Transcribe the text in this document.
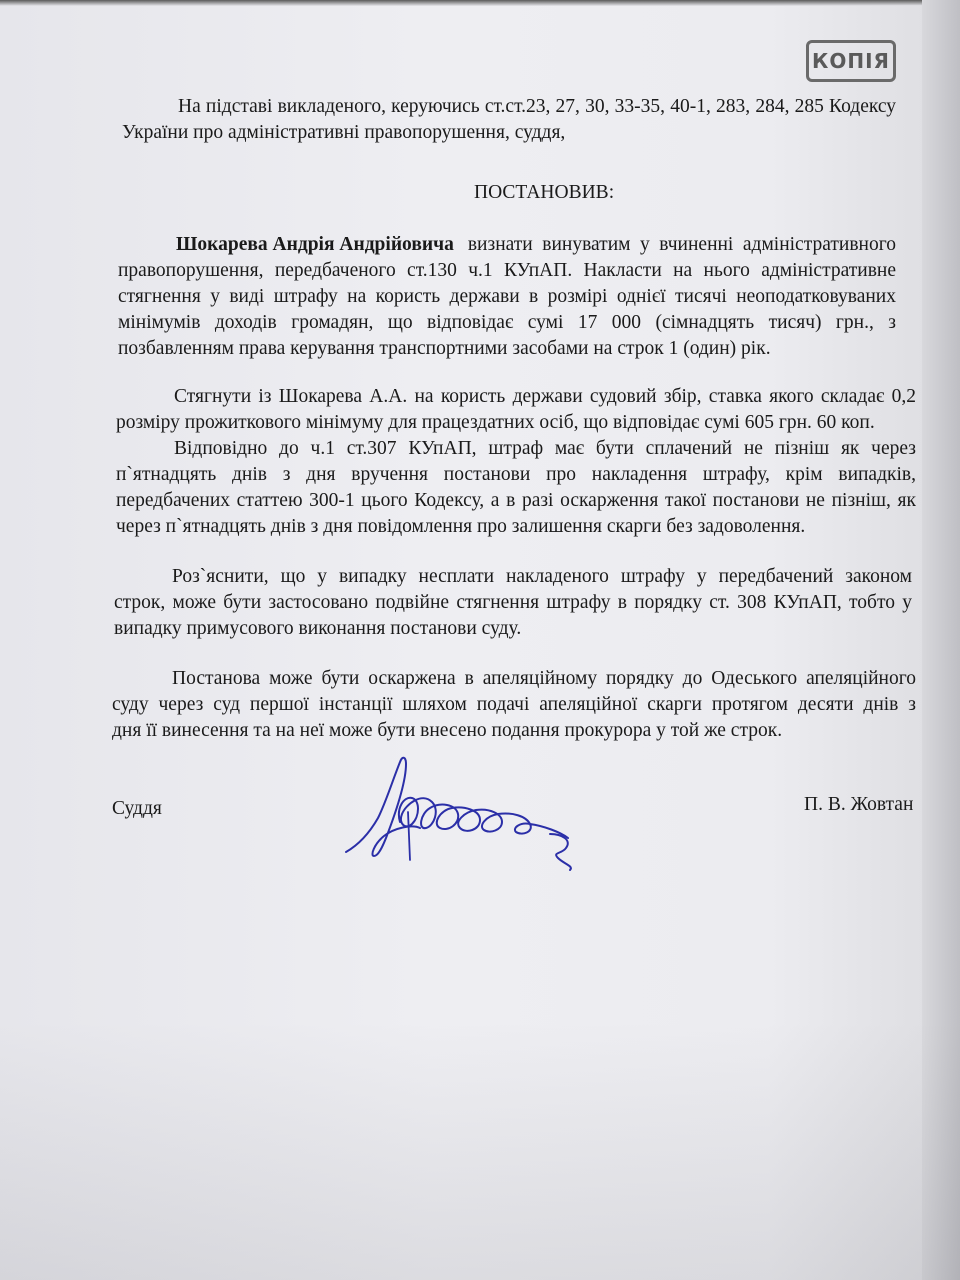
КОПІЯ
На підставі викладеного, керуючись ст.ст.23, 27, 30, 33-35, 40-1, 283, 284, 285 Кодексу
України про адміністративні правопорушення, суддя,
ПОСТАНОВИВ:
Шокарева Андрія Андрійовича визнати винуватим у вчиненні адміністративного
правопорушення, передбаченого ст.130 ч.1 КУпАП. Накласти на нього адміністративне
стягнення у виді штрафу на користь держави в розмірі однієї тисячі неоподатковуваних
мінімумів доходів громадян, що відповідає сумі 17 000 (сімнадцять тисяч) грн., з
позбавленням права керування транспортними засобами на строк 1 (один) рік.
Стягнути із Шокарева А.А. на користь держави судовий збір, ставка якого складає 0,2
розміру прожиткового мінімуму для працездатних осіб, що відповідає сумі 605 грн. 60 коп.
Відповідно до ч.1 ст.307 КУпАП, штраф має бути сплачений не пізніш як через
п`ятнадцять днів з дня вручення постанови про накладення штрафу, крім випадків,
передбачених статтею 300-1 цього Кодексу, а в разі оскарження такої постанови не пізніш, як
через п`ятнадцять днів з дня повідомлення про залишення скарги без задоволення.
Роз`яснити, що у випадку несплати накладеного штрафу у передбачений законом
строк, може бути застосовано подвійне стягнення штрафу в порядку ст. 308 КУпАП, тобто у
випадку примусового виконання постанови суду.
Постанова може бути оскаржена в апеляційному порядку до Одеського апеляційного
суду через суд першої інстанції шляхом подачі апеляційної скарги протягом десяти днів з
дня її винесення та на неї може бути внесено подання прокурора у той же строк.
Суддя	П. В. Жовтан
